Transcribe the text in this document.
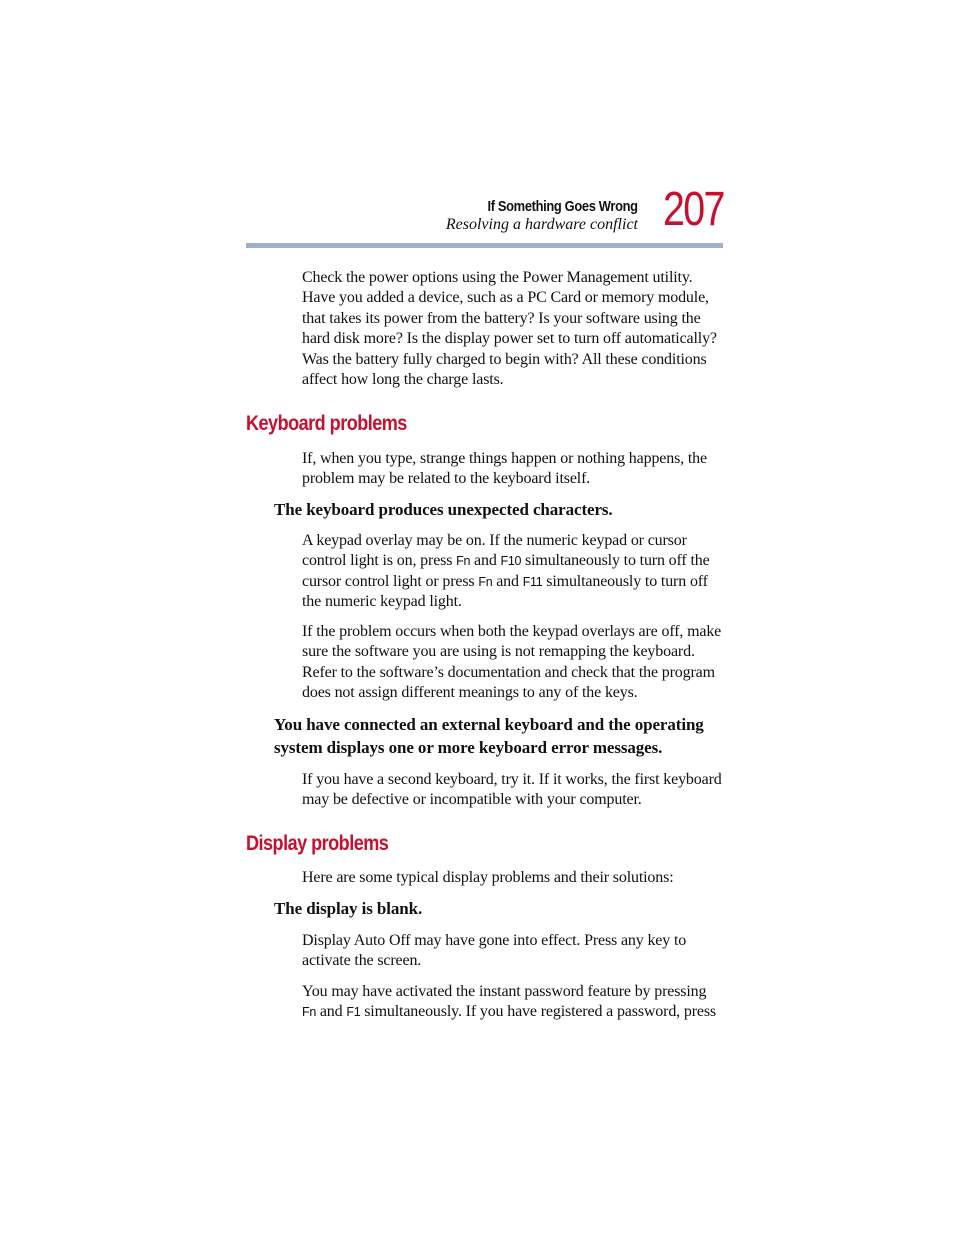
If Something Goes Wrong
Resolving a hardware conflict 207

Check the power options using the Power Management utility.
Have you added a device, such as a PC Card or memory module,
that takes its power from the battery? Is your software using the
hard disk more? Is the display power set to turn off automatically?
Was the battery fully charged to begin with? All these conditions
affect how long the charge lasts.

Keyboard problems

If, when you type, strange things happen or nothing happens, the
problem may be related to the keyboard itself.

The keyboard produces unexpected characters.

A keypad overlay may be on. If the numeric keypad or cursor
control light is on, press Fn and F10 simultaneously to turn off the
cursor control light or press Fn and F11 simultaneously to turn off
the numeric keypad light.

If the problem occurs when both the keypad overlays are off, make
sure the software you are using is not remapping the keyboard.
Refer to the software’s documentation and check that the program
does not assign different meanings to any of the keys.

You have connected an external keyboard and the operating
system displays one or more keyboard error messages.

If you have a second keyboard, try it. If it works, the first keyboard
may be defective or incompatible with your computer.

Display problems

Here are some typical display problems and their solutions:

The display is blank.

Display Auto Off may have gone into effect. Press any key to
activate the screen.

You may have activated the instant password feature by pressing
Fn and F1 simultaneously. If you have registered a password, press
